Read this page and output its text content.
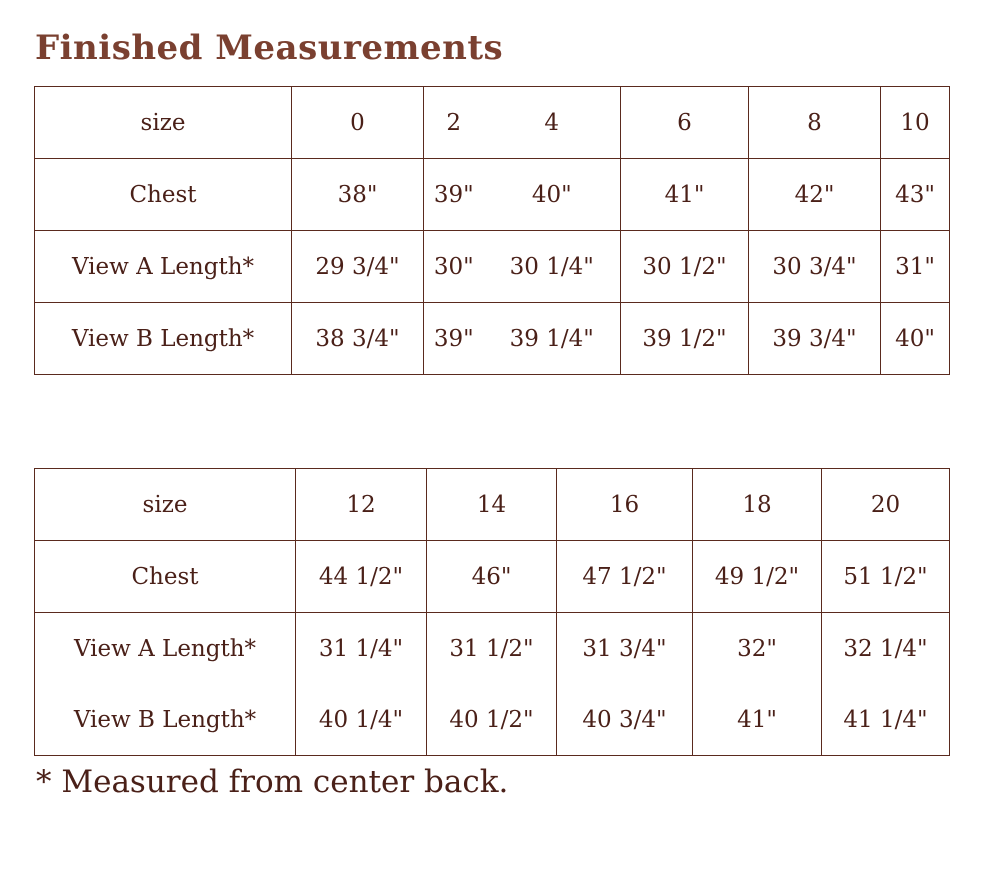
Finished Measurements
size	0	2	4	6	8	10
Chest	38"	39"	40"	41"	42"	43"
View A Length*	29 3/4"	30"	30 1/4"	30 1/2"	30 3/4"	31"
View B Length*	38 3/4"	39"	39 1/4"	39 1/2"	39 3/4"	40"
size	12	14	16	18	20
Chest	44 1/2"	46"	47 1/2"	49 1/2"	51 1/2"
View A Length*	31 1/4"	31 1/2"	31 3/4"	32"	32 1/4"
View B Length*	40 1/4"	40 1/2"	40 3/4"	41"	41 1/4"
* Measured from center back.
